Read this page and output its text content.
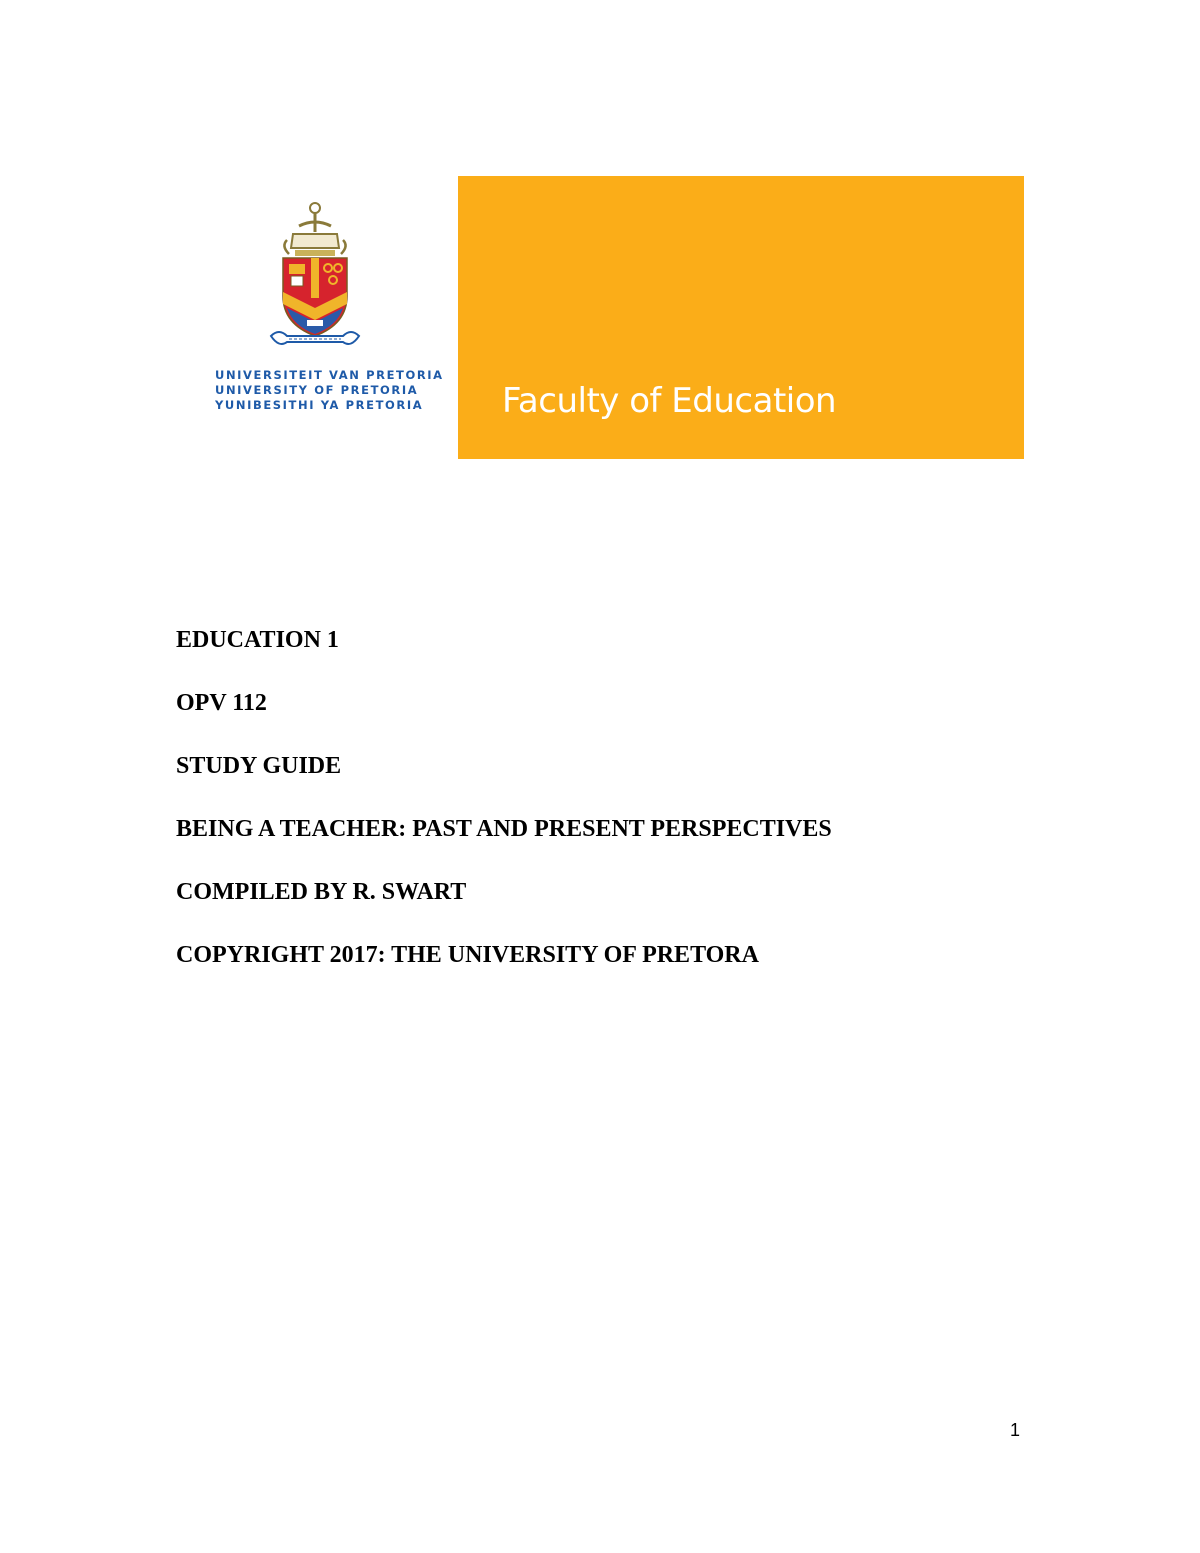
UNIVERSITEIT VAN PRETORIA
UNIVERSITY OF PRETORIA
YUNIBESITHI YA PRETORIA Faculty of Education
EDUCATION 1
OPV 112
STUDY GUIDE
BEING A TEACHER: PAST AND PRESENT PERSPECTIVES
COMPILED BY R. SWART
COPYRIGHT 2017: THE UNIVERSITY OF PRETORA
1
